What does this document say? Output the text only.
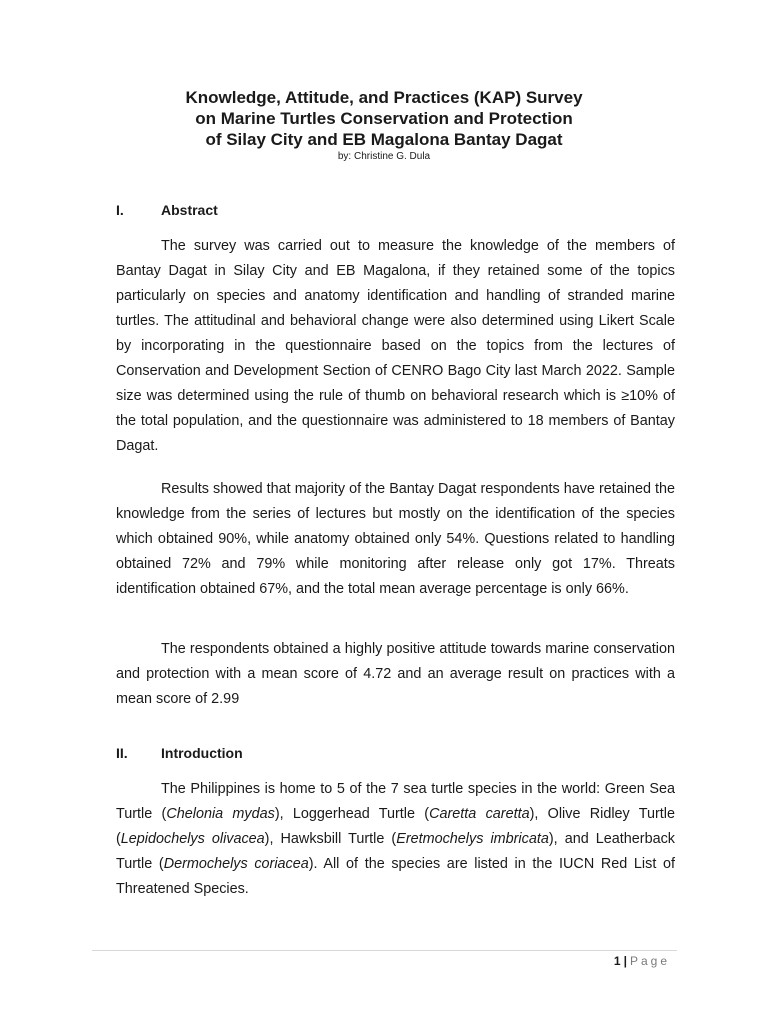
Knowledge, Attitude, and Practices (KAP) Survey
on Marine Turtles Conservation and Protection
of Silay City and EB Magalona Bantay Dagat
by: Christine G. Dula
I.	Abstract

The survey was carried out to measure the knowledge of the members of Bantay Dagat in Silay City and EB Magalona, if they retained some of the topics particularly on species and anatomy identification and handling of stranded marine turtles. The attitudinal and behavioral change were also determined using Likert Scale by incorporating in the questionnaire based on the topics from the lectures of Conservation and Development Section of CENRO Bago City last March 2022. Sample size was determined using the rule of thumb on behavioral research which is ≥10% of the total population, and the questionnaire was administered to 18 members of Bantay Dagat.

Results showed that majority of the Bantay Dagat respondents have retained the knowledge from the series of lectures but mostly on the identification of the species which obtained 90%, while anatomy obtained only 54%. Questions related to handling obtained 72% and 79% while monitoring after release only got 17%. Threats identification obtained 67%, and the total mean average percentage is only 66%.

The respondents obtained a highly positive attitude towards marine conservation and protection with a mean score of 4.72 and an average result on practices with a mean score of 2.99

II. Introduction

The Philippines is home to 5 of the 7 sea turtle species in the world: Green Sea Turtle (Chelonia mydas), Loggerhead Turtle (Caretta caretta), Olive Ridley Turtle (Lepidochelys olivacea), Hawksbill Turtle (Eretmochelys imbricata), and Leatherback Turtle (Dermochelys coriacea). All of the species are listed in the IUCN Red List of Threatened Species.

1 | Page
